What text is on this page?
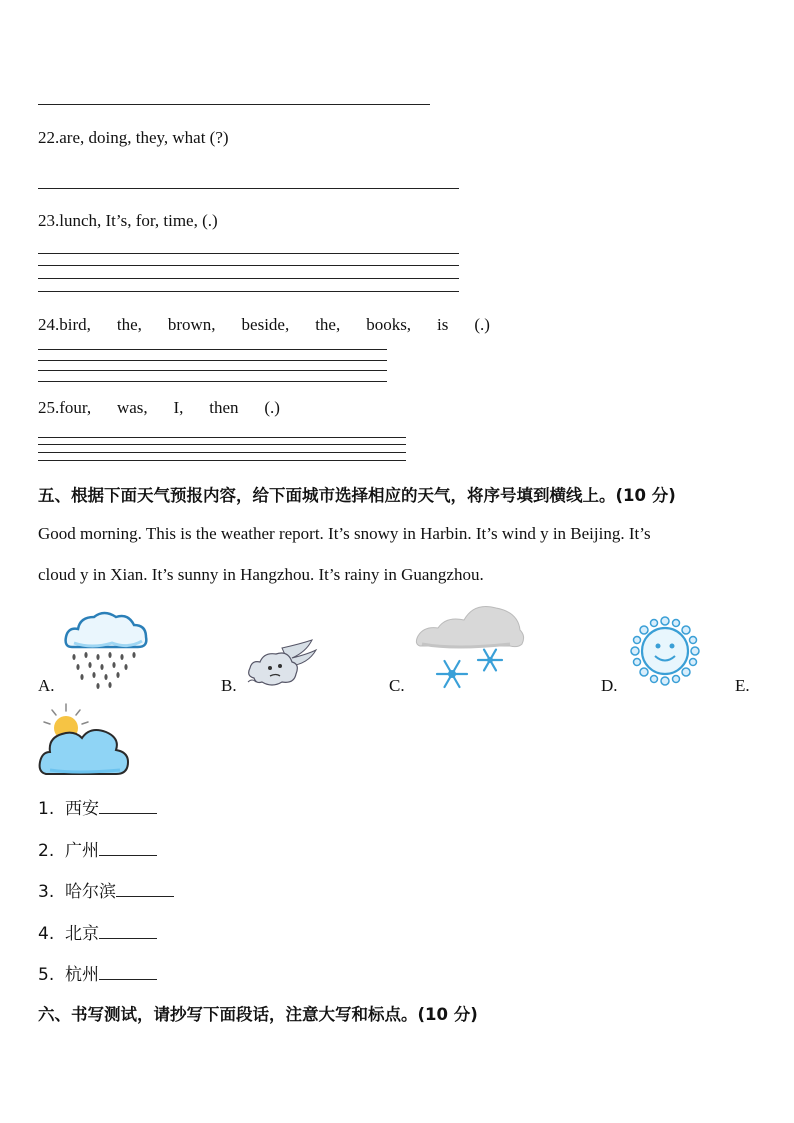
22.are, doing, they, what (?)
23.lunch, It’s, for, time, (.)
24.bird, the, brown, beside, the, books, is (.)
25.four, was, I, then (.)
五、根据下面天气预报内容，给下面城市选择相应的天气，将序号填到横线上。(10 分)
Good morning. This is the weather report. It’s snowy in Harbin. It’s wind y in Beijing. It’s
cloud y in Xian. It’s sunny in Hangzhou. It’s rainy in Guangzhou.
A.	B.	C.	D.	E.
1. 西安
2. 广州
3. 哈尔滨
4. 北京
5. 杭州
六、书写测试，请抄写下面段话，注意大写和标点。(10 分)
